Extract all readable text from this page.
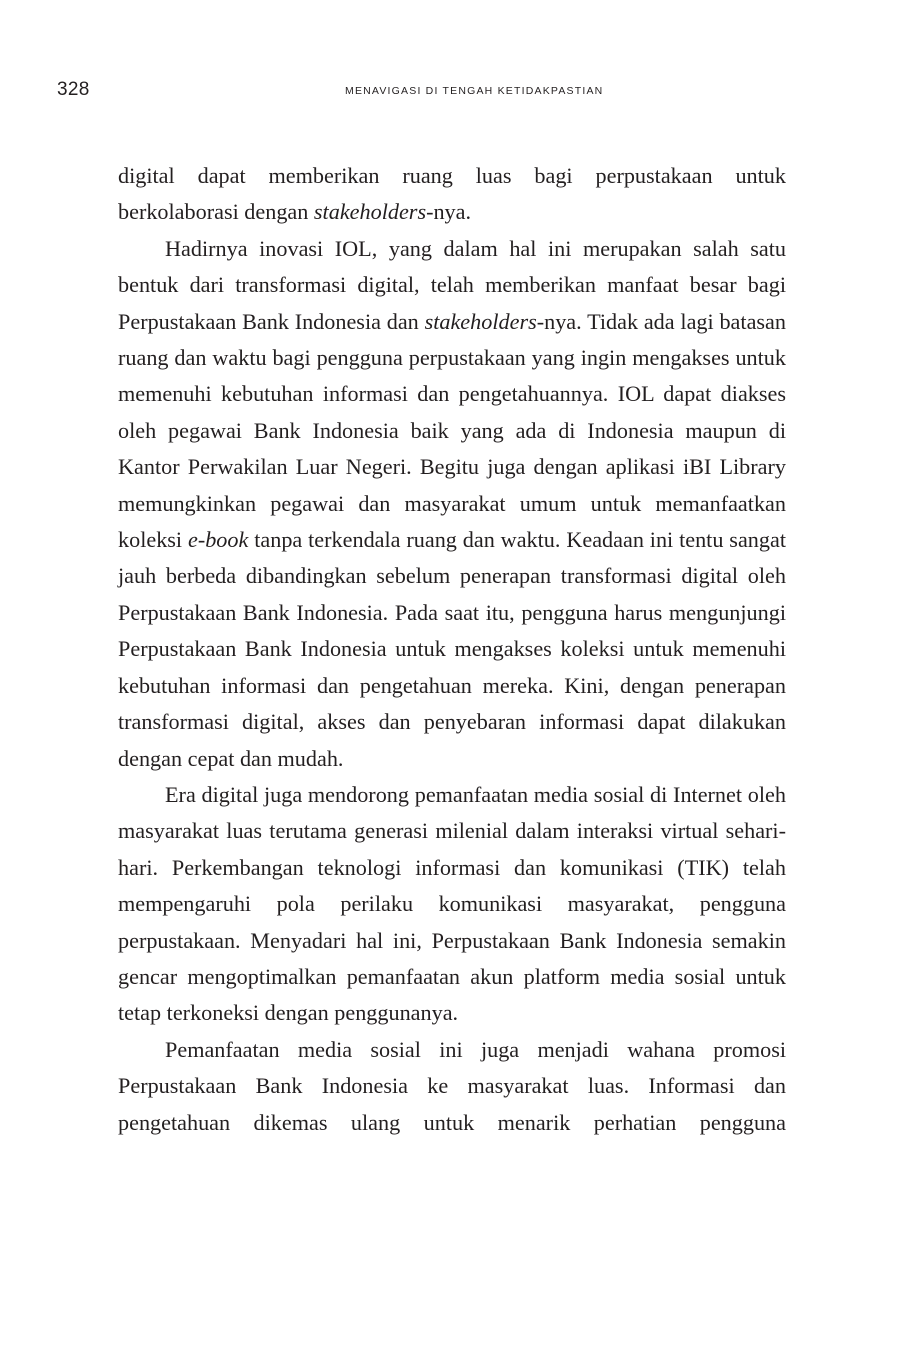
328	MENAVIGASI DI TENGAH KETIDAKPASTIAN

digital dapat memberikan ruang luas bagi perpustakaan untuk berkolaborasi dengan stakeholders-nya.

Hadirnya inovasi IOL, yang dalam hal ini merupakan salah satu bentuk dari transformasi digital, telah memberikan manfaat besar bagi Perpustakaan Bank Indonesia dan stakeholders-nya. Tidak ada lagi batasan ruang dan waktu bagi pengguna perpustakaan yang ingin mengakses untuk memenuhi kebutuhan informasi dan pengetahuannya. IOL dapat diakses oleh pegawai Bank Indonesia baik yang ada di Indonesia maupun di Kantor Perwakilan Luar Negeri. Begitu juga dengan aplikasi iBI Library memungkinkan pegawai dan masyarakat umum untuk memanfaatkan koleksi e-book tanpa terkendala ruang dan waktu. Keadaan ini tentu sangat jauh berbeda dibandingkan sebelum penerapan transformasi digital oleh Perpustakaan Bank Indonesia. Pada saat itu, pengguna harus mengunjungi Perpustakaan Bank Indonesia untuk mengakses koleksi untuk memenuhi kebutuhan informasi dan pengetahuan mereka. Kini, dengan penerapan transformasi digital, akses dan penyebaran informasi dapat dilakukan dengan cepat dan mudah.

Era digital juga mendorong pemanfaatan media sosial di Internet oleh masyarakat luas terutama generasi milenial dalam interaksi virtual sehari-hari. Perkembangan teknologi informasi dan komunikasi (TIK) telah mempengaruhi pola perilaku komunikasi masyarakat, pengguna perpustakaan. Menyadari hal ini, Perpustakaan Bank Indonesia semakin gencar mengoptimalkan pemanfaatan akun platform media sosial untuk tetap terkoneksi dengan penggunanya.

Pemanfaatan media sosial ini juga menjadi wahana promosi Perpustakaan Bank Indonesia ke masyarakat luas. Informasi dan pengetahuan dikemas ulang untuk menarik perhatian pengguna
